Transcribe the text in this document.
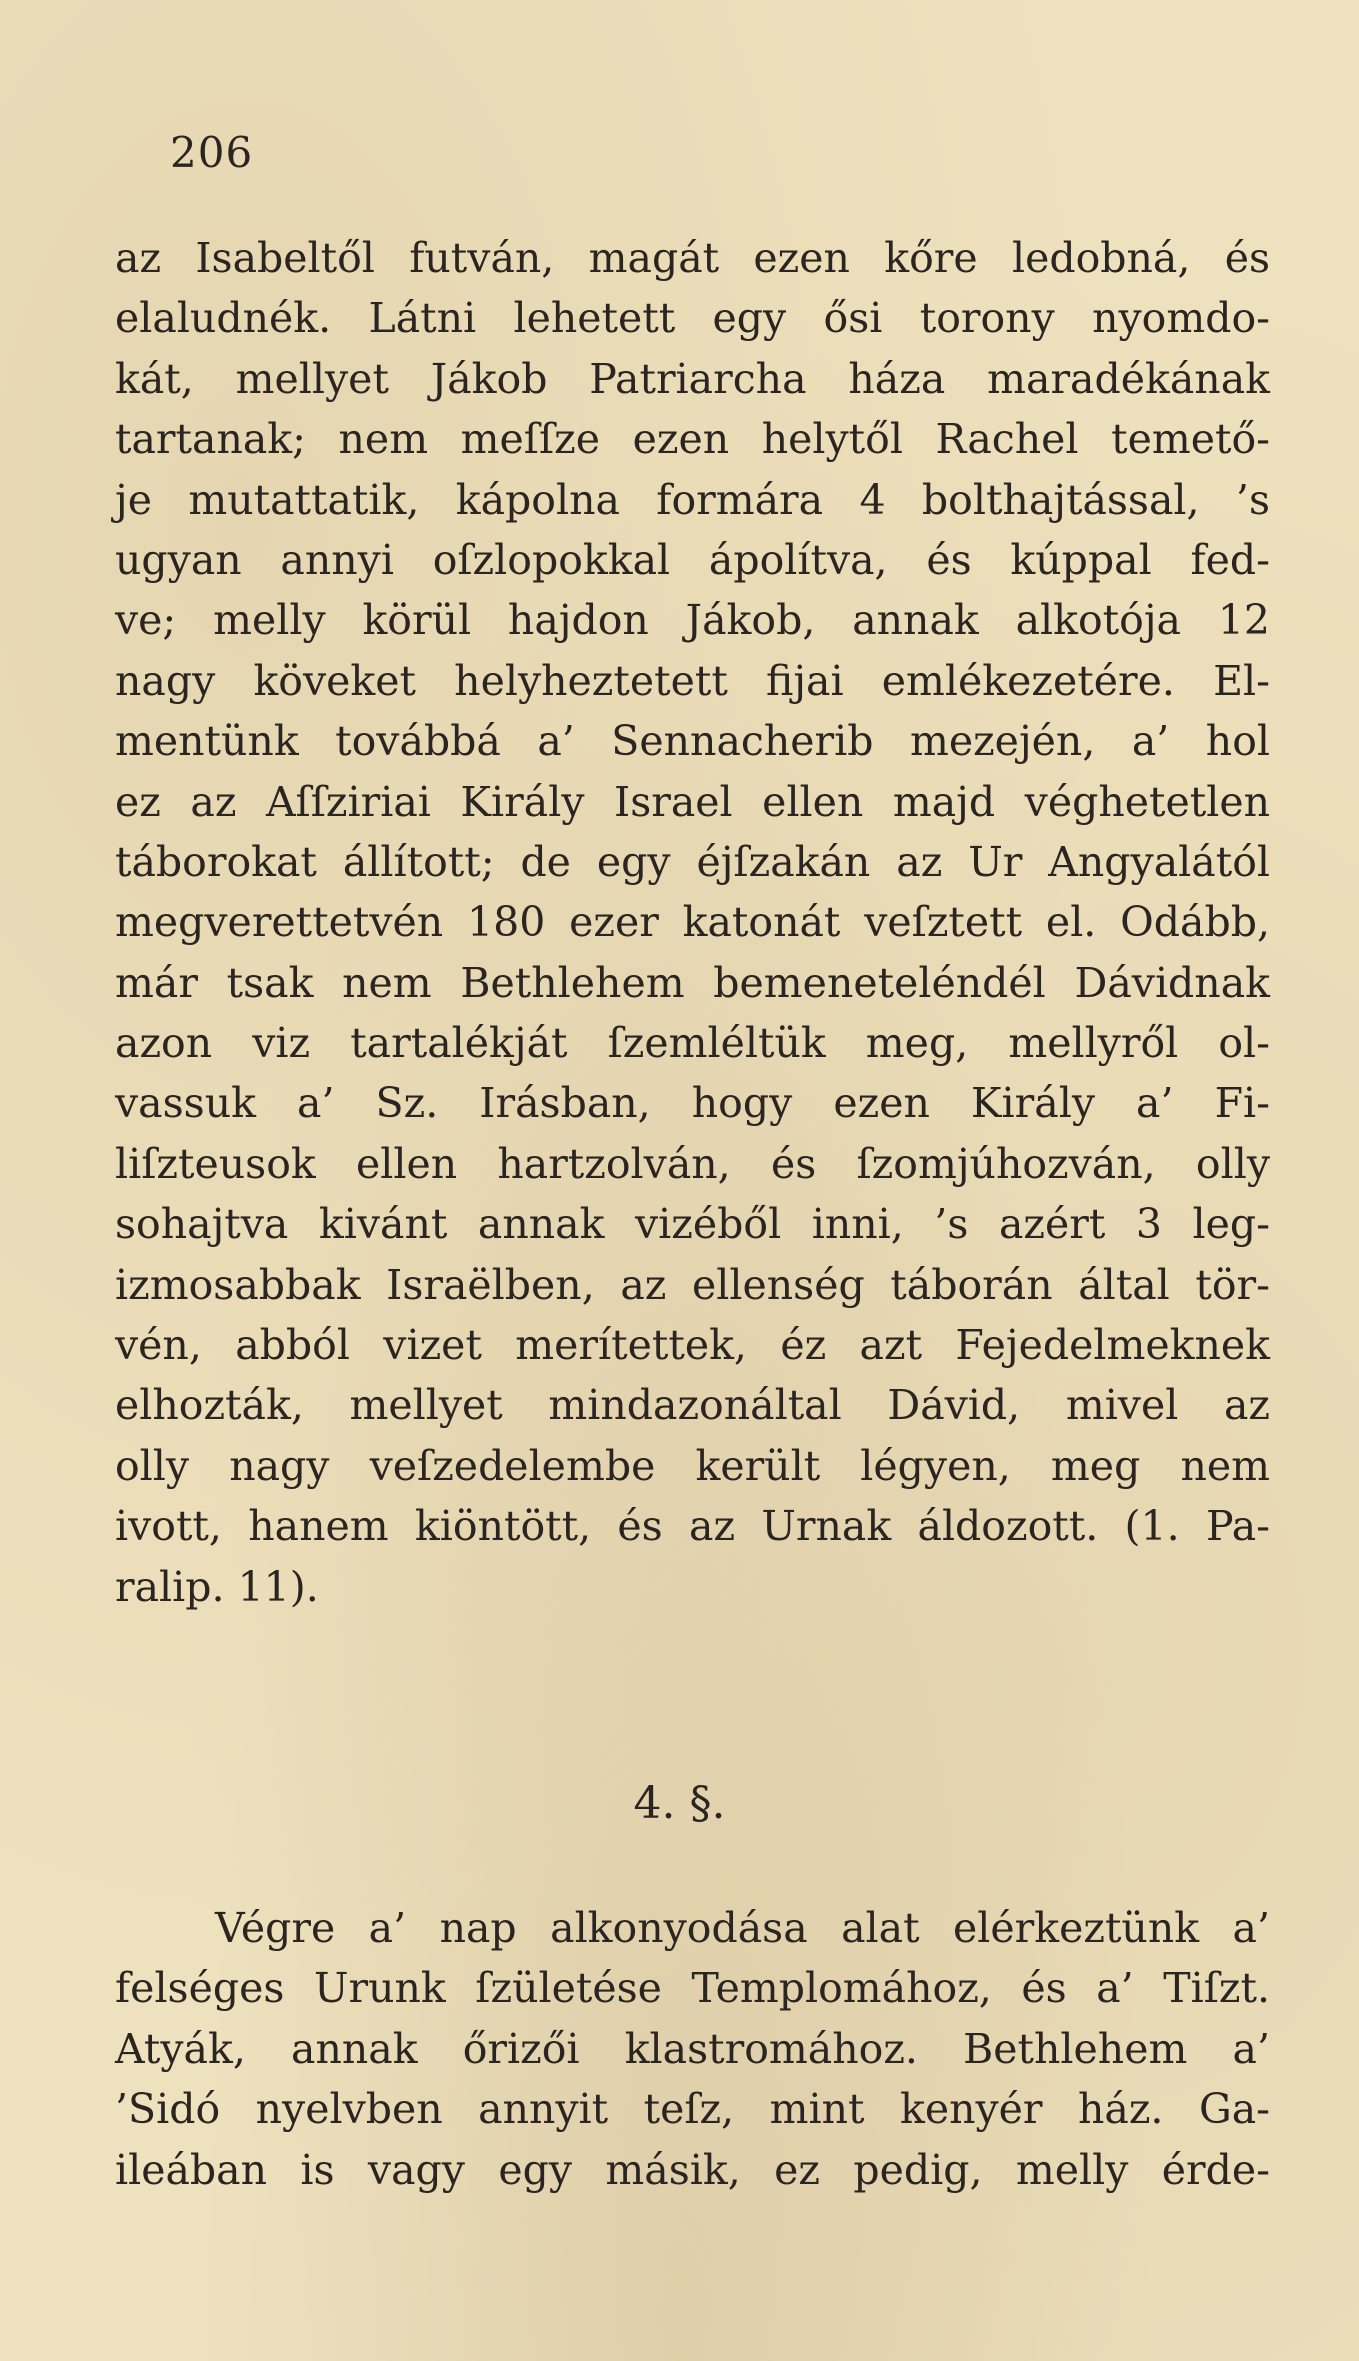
206
az Isabeltől futván, magát ezen kőre ledobná, és
elaludnék. Látni lehetett egy ősi torony nyomdo-
kát, mellyet Jákob Patriarcha háza maradékának
tartanak; nem meſſze ezen helytől Rachel temető-
je mutattatik, kápolna formára 4 bolthajtással, ’s
ugyan annyi oſzlopokkal ápolítva, és kúppal fed-
ve; melly körül hajdon Jákob, annak alkotója 12
nagy köveket helyheztetett fijai emlékezetére. El-
mentünk továbbá a’ Sennacherib mezején, a’ hol
ez az Aſſziriai Király Israel ellen majd véghetetlen
táborokat állított; de egy éjſzakán az Ur Angyalától
megverettetvén 180 ezer katonát veſztett el. Odább,
már tsak nem Bethlehem bemeneteléndél Dávidnak
azon viz tartalékját ſzemléltük meg, mellyről ol-
vassuk a’ Sz. Irásban, hogy ezen Király a’ Fi-
liſzteusok ellen hartzolván, és ſzomjúhozván, olly
sohajtva kivánt annak vizéből inni, ’s azért 3 leg-
izmosabbak Israëlben, az ellenség táborán által tör-
vén, abból vizet merítettek, éz azt Fejedelmeknek
elhozták, mellyet mindazonáltal Dávid, mivel az
olly nagy veſzedelembe került légyen, meg nem
ivott, hanem kiöntött, és az Urnak áldozott. (1. Pa-
ralip. 11).
4. §.
Végre a’ nap alkonyodása alat elérkeztünk a’
felséges Urunk ſzületése Templomához, és a’ Tiſzt.
Atyák, annak őrizői klastromához. Bethlehem a’
’Sidó nyelvben annyit teſz, mint kenyér ház. Ga-
ileában is vagy egy másik, ez pedig, melly érde-
